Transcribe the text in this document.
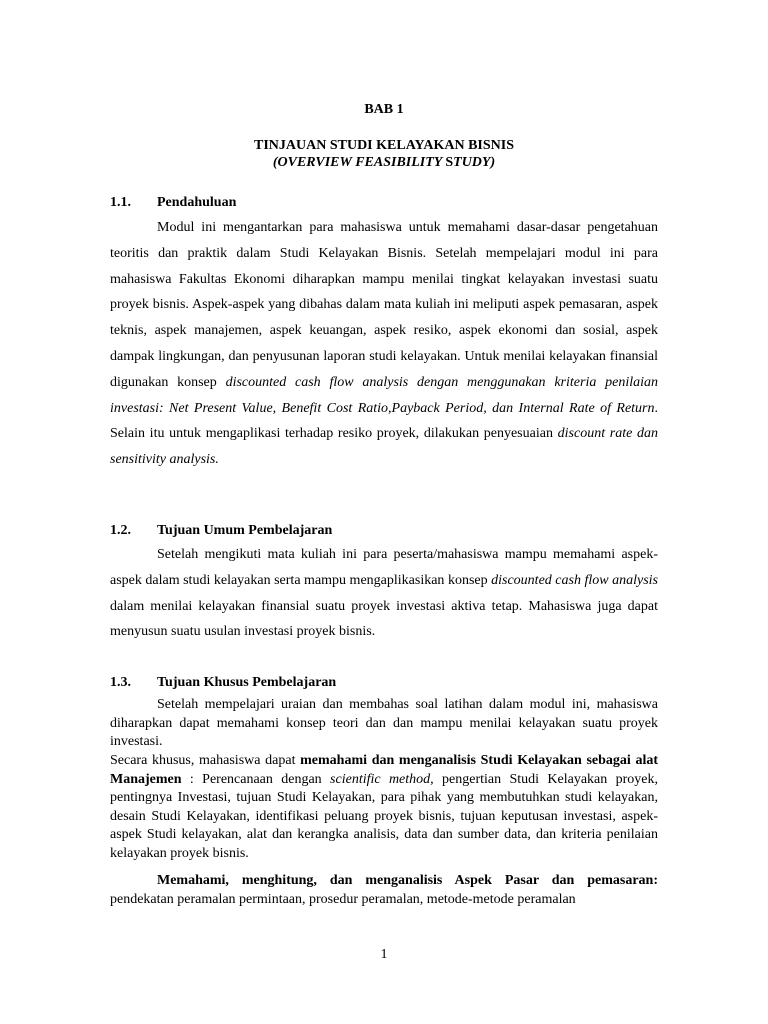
BAB 1
TINJAUAN STUDI KELAYAKAN BISNIS
(OVERVIEW FEASIBILITY STUDY)
1.1. Pendahuluan

Modul ini mengantarkan para mahasiswa untuk memahami dasar-dasar pengetahuan teoritis dan praktik dalam Studi Kelayakan Bisnis. Setelah mempelajari modul ini para mahasiswa Fakultas Ekonomi diharapkan mampu menilai tingkat kelayakan investasi suatu proyek bisnis. Aspek-aspek yang dibahas dalam mata kuliah ini meliputi aspek pemasaran, aspek teknis, aspek manajemen, aspek keuangan, aspek resiko, aspek ekonomi dan sosial, aspek dampak lingkungan, dan penyusunan laporan studi kelayakan. Untuk menilai kelayakan finansial digunakan konsep discounted cash flow analysis dengan menggunakan kriteria penilaian investasi: Net Present Value, Benefit Cost Ratio,Payback Period, dan Internal Rate of Return. Selain itu untuk mengaplikasi terhadap resiko proyek, dilakukan penyesuaian discount rate dan sensitivity analysis.

1.2. Tujuan Umum Pembelajaran

Setelah mengikuti mata kuliah ini para peserta/mahasiswa mampu memahami aspek-aspek dalam studi kelayakan serta mampu mengaplikasikan konsep discounted cash flow analysis dalam menilai kelayakan finansial suatu proyek investasi aktiva tetap. Mahasiswa juga dapat menyusun suatu usulan investasi proyek bisnis.

1.3. Tujuan Khusus Pembelajaran

Setelah mempelajari uraian dan membahas soal latihan dalam modul ini, mahasiswa diharapkan dapat memahami konsep teori dan dan mampu menilai kelayakan suatu proyek investasi.

Secara khusus, mahasiswa dapat memahami dan menganalisis Studi Kelayakan sebagai alat Manajemen : Perencanaan dengan scientific method, pengertian Studi Kelayakan proyek, pentingnya Investasi, tujuan Studi Kelayakan, para pihak yang membutuhkan studi kelayakan, desain Studi Kelayakan, identifikasi peluang proyek bisnis, tujuan keputusan investasi, aspek-aspek Studi kelayakan, alat dan kerangka analisis, data dan sumber data, dan kriteria penilaian kelayakan proyek bisnis.

Memahami, menghitung, dan menganalisis Aspek Pasar dan pemasaran: pendekatan peramalan permintaan, prosedur peramalan, metode-metode peramalan

1
